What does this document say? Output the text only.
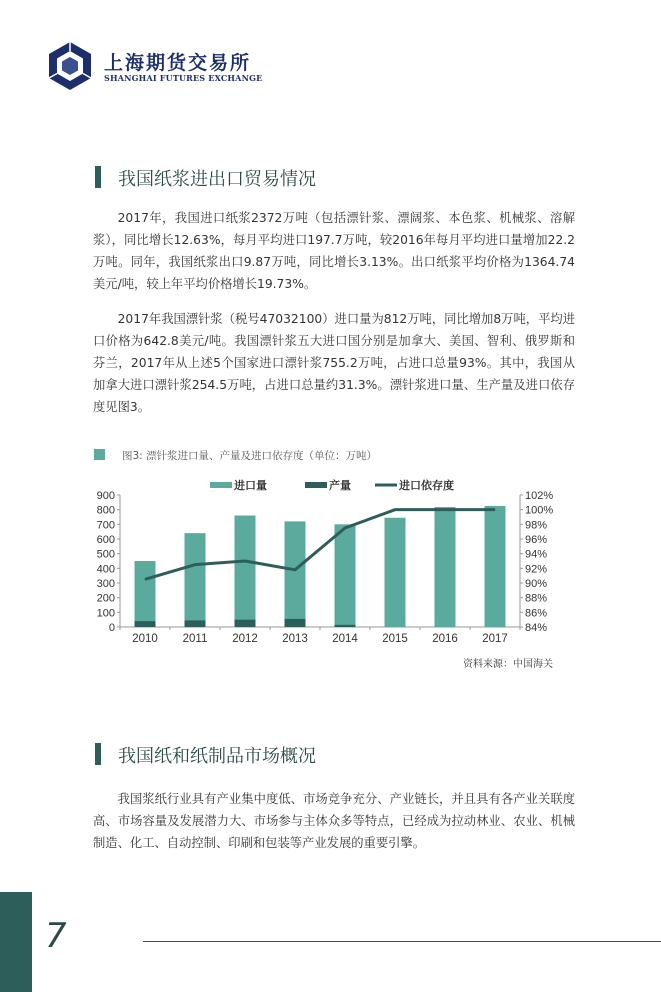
上海期货交易所
SHANGHAI FUTURES EXCHANGE
我国纸浆进出口贸易情况

2017年，我国进口纸浆2372万吨（包括漂针浆、漂阔浆、本色浆、机械浆、溶解浆），同比增长12.63%，每月平均进口197.7万吨，较2016年每月平均进口量增加22.2万吨。同年，我国纸浆出口9.87万吨，同比增长3.13%。出口纸浆平均价格为1364.74美元/吨，较上年平均价格增长19.73%。

2017年我国漂针浆（税号47032100）进口量为812万吨，同比增加8万吨，平均进口价格为642.8美元/吨。我国漂针浆五大进口国分别是加拿大、美国、智利、俄罗斯和芬兰，2017年从上述5个国家进口漂针浆755.2万吨，占进口总量93%。其中，我国从加拿大进口漂针浆254.5万吨，占进口总量约31.3%。漂针浆进口量、生产量及进口依存度见图3。

图3: 漂针浆进口量、产量及进口依存度（单位：万吨）
进口量	产量	进口依存度
0
100
200
300
400
500
600
700
800
900
84%
86%
88%
90%
92%
94%
96%
98%
100%
102%
2010 2011 2012 2013 2014 2015 2016 2017
资料来源：中国海关
我国纸和纸制品市场概况

我国浆纸行业具有产业集中度低、市场竞争充分、产业链长，并且具有各产业关联度高、市场容量及发展潜力大、市场参与主体众多等特点，已经成为拉动林业、农业、机械制造、化工、自动控制、印刷和包装等产业发展的重要引擎。

7
